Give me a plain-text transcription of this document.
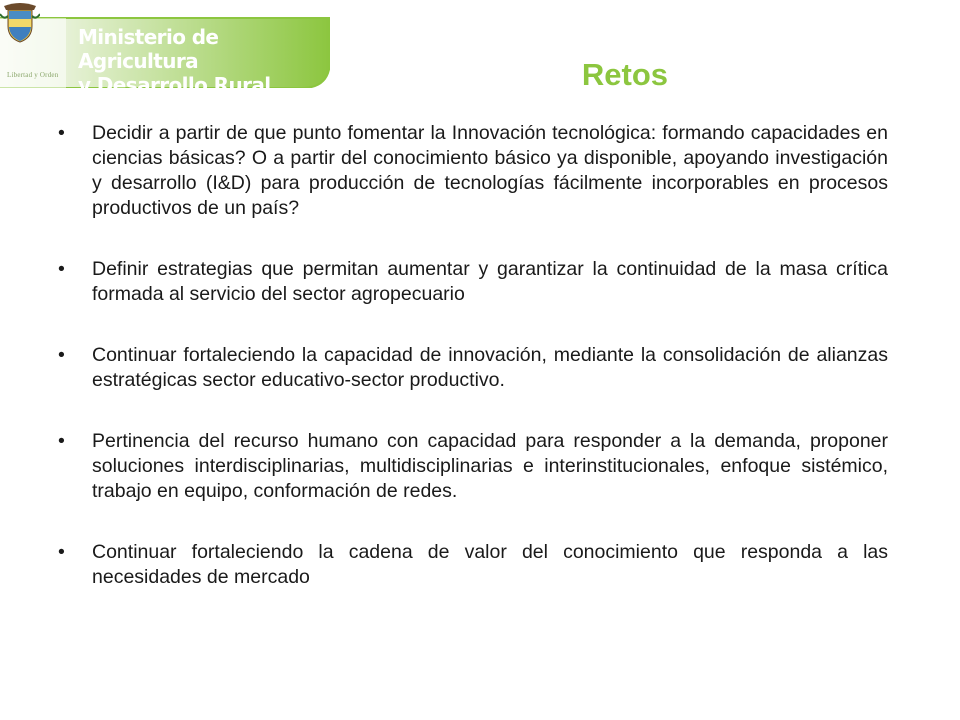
Libertad y Orden
Ministerio de Agricultura
y Desarrollo Rural	Retos
• Decidir a partir de que punto fomentar la Innovación tecnológica: formando capacidades en ciencias básicas? O a partir del conocimiento básico ya disponible, apoyando investigación y desarrollo (I&D) para producción de tecnologías fácilmente incorporables en procesos productivos de un país?
• Definir estrategias que permitan aumentar y garantizar la continuidad de la masa crítica formada al servicio del sector agropecuario
• Continuar fortaleciendo la capacidad de innovación, mediante la consolidación de alianzas estratégicas sector educativo-sector productivo.
• Pertinencia del recurso humano con capacidad para responder a la demanda, proponer soluciones interdisciplinarias, multidisciplinarias e interinstitucionales, enfoque sistémico, trabajo en equipo, conformación de redes.
• Continuar fortaleciendo la cadena de valor del conocimiento que responda a las necesidades de mercado
